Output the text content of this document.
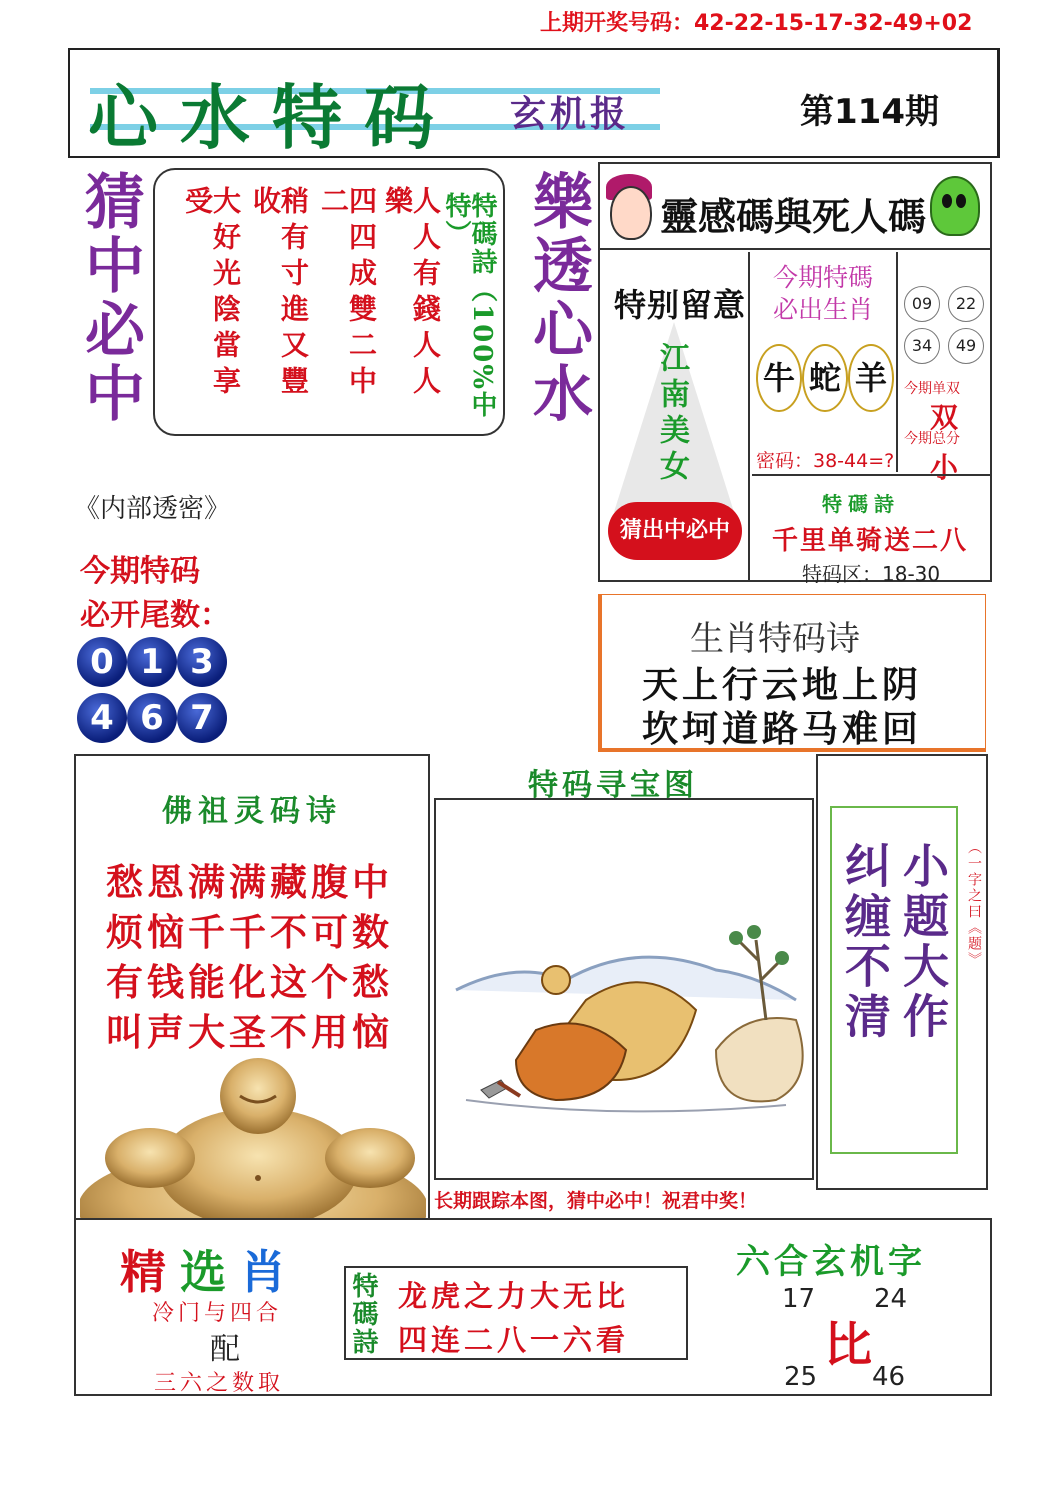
上期开奖号码：42-22-15-17-32-49+02
心水特码 玄机报	第114期
猜中必中	樂透心水
人人有錢人人樂
四四成雙二中二
稍有寸進又豐收
大好光陰當享受	特碼詩（100%中特）	靈感碼與死人碼
特别留意
江南美女
猜出中必中
今期特碼必出生肖
牛 蛇 羊
密码：38-44=?
09	22
34	49
今期单双
双
今期总分
小
特碼詩
千里单骑送二八
特码区：18-30
《内部透密》
今期特码
必开尾数：
0 1 3
4 6 7
生肖特码诗
天上行云地上阴
坎坷道路马难回
佛祖灵码诗
愁恩满满藏腹中
烦恼千千不可数
有钱能化这个愁
叫声大圣不用恼
特码寻宝图
长期跟踪本图，猜中必中！祝君中奖！
小题大作
纠缠不清	（一字之曰《题》
精选肖
冷门与四合
配
三六之数取
特碼詩 龙虎之力大无比
四连二八一六看
六合玄机字
17 24
比
25 46
